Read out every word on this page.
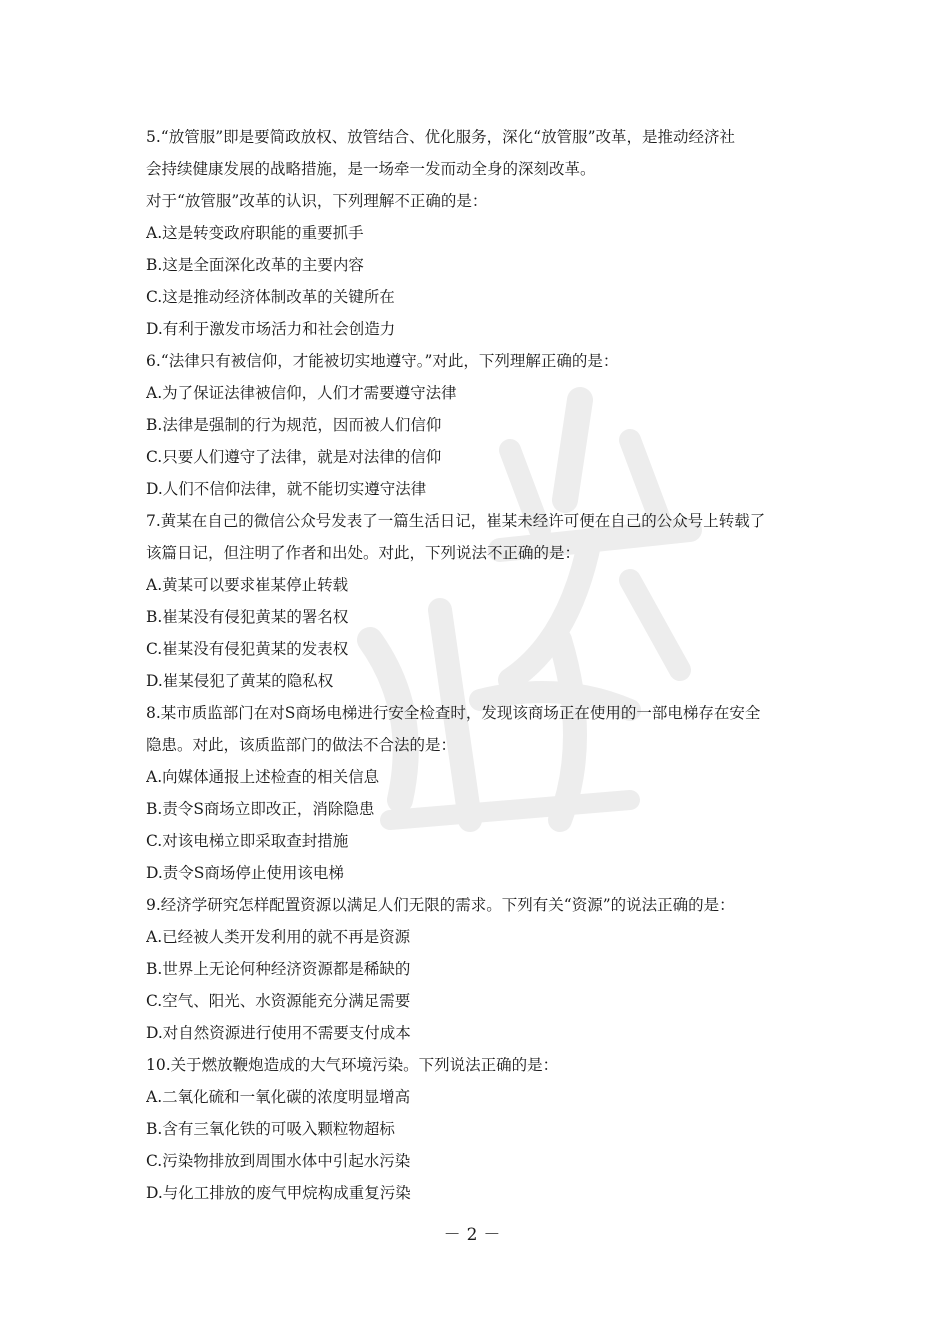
5.“放管服”即是要简政放权、放管结合、优化服务，深化“放管服”改革，是推动经济社
会持续健康发展的战略措施，是一场牵一发而动全身的深刻改革。
对于“放管服”改革的认识，下列理解不正确的是：
A.这是转变政府职能的重要抓手
B.这是全面深化改革的主要内容
C.这是推动经济体制改革的关键所在
D.有利于激发市场活力和社会创造力
6.“法律只有被信仰，才能被切实地遵守。”对此，下列理解正确的是：
A.为了保证法律被信仰，人们才需要遵守法律
B.法律是强制的行为规范，因而被人们信仰
C.只要人们遵守了法律，就是对法律的信仰
D.人们不信仰法律，就不能切实遵守法律
7.黄某在自己的微信公众号发表了一篇生活日记，崔某未经许可便在自己的公众号上转载了
该篇日记，但注明了作者和出处。对此，下列说法不正确的是：
A.黄某可以要求崔某停止转载
B.崔某没有侵犯黄某的署名权
C.崔某没有侵犯黄某的发表权
D.崔某侵犯了黄某的隐私权
8.某市质监部门在对S商场电梯进行安全检查时，发现该商场正在使用的一部电梯存在安全
隐患。对此，该质监部门的做法不合法的是：
A.向媒体通报上述检查的相关信息
B.责令S商场立即改正，消除隐患
C.对该电梯立即采取查封措施
D.责令S商场停止使用该电梯
9.经济学研究怎样配置资源以满足人们无限的需求。下列有关“资源”的说法正确的是：
A.已经被人类开发利用的就不再是资源
B.世界上无论何种经济资源都是稀缺的
C.空气、阳光、水资源能充分满足需要
D.对自然资源进行使用不需要支付成本
10.关于燃放鞭炮造成的大气环境污染。下列说法正确的是：
A.二氧化硫和一氧化碳的浓度明显增高
B.含有三氧化铁的可吸入颗粒物超标
C.污染物排放到周围水体中引起水污染
D.与化工排放的废气甲烷构成重复污染
－2－
